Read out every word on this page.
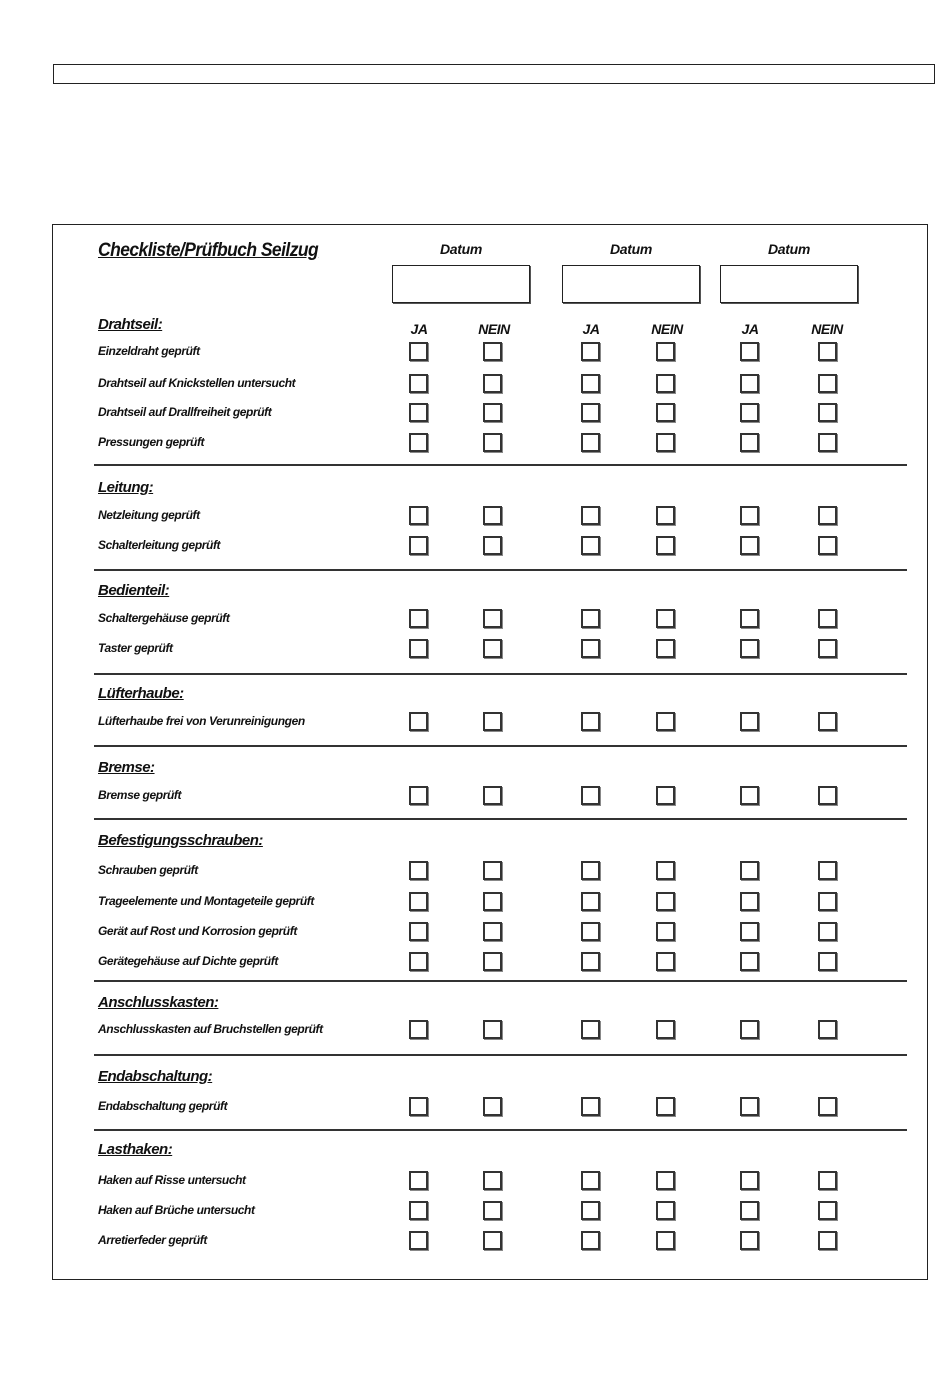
Checkliste/Prüfbuch Seilzug	Datum	Datum	Datum
JA	NEIN	JA	NEIN	JA	NEIN
Drahtseil:
Einzeldraht geprüft
Drahtseil auf Knickstellen untersucht
Drahtseil auf Drallfreiheit geprüft
Pressungen geprüft
Leitung:
Netzleitung geprüft
Schalterleitung geprüft
Bedienteil:
Schaltergehäuse geprüft
Taster geprüft
Lüfterhaube:
Lüfterhaube frei von Verunreinigungen
Bremse:
Bremse geprüft
Befestigungsschrauben:
Schrauben geprüft
Trageelemente und Montageteile geprüft
Gerät auf Rost und Korrosion geprüft
Gerätegehäuse auf Dichte geprüft
Anschlusskasten:
Anschlusskasten auf Bruchstellen geprüft
Endabschaltung:
Endabschaltung geprüft
Lasthaken:
Haken auf Risse untersucht
Haken auf Brüche untersucht
Arretierfeder geprüft
